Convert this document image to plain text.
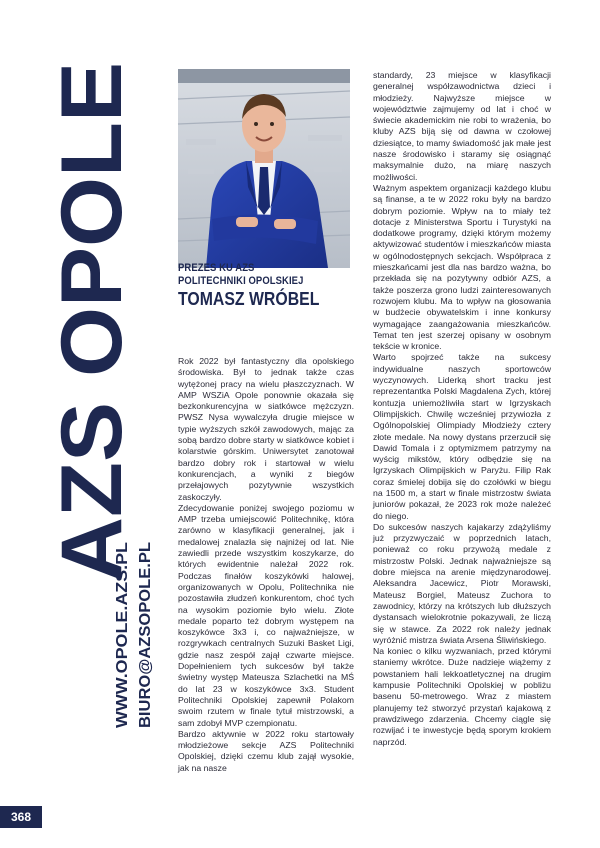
AZS OPOLE
WWW.OPOLE.AZS.PL BIURO@AZSOPOLE.PL
PREZES KU AZS
POLITECHNIKI OPOLSKIEJ
TOMASZ WRÓBEL

Rok 2022 był fantastyczny dla opolskiego środowiska. Był to jednak także czas wytężonej pracy na wielu płaszczyznach. W AMP WSZiA Opole ponownie okazała się bezkonkurencyjna w siatkówce mężczyzn. PWSZ Nysa wywalczyła drugie miejsce w typie wyższych szkół zawodowych, mając za sobą bardzo dobre starty w siatkówce kobiet i kolarstwie górskim. Uniwersytet zanotował bardzo dobry rok i startował w wielu konkurencjach, a wyniki z biegów przełajowych pozytywnie wszystkich zaskoczyły.

Zdecydowanie poniżej swojego poziomu w AMP trzeba umiejscowić Politechnikę, która zarówno w klasyfikacji generalnej, jak i medalowej znalazła się najniżej od lat. Nie zawiedli przede wszystkim koszykarze, do których ewidentnie należał 2022 rok. Podczas finałów koszykówki halowej, organizowanych w Opolu, Politechnika nie pozostawiła złudzeń konkurentom, choć tych na wysokim poziomie było wielu. Złote medale poparto też dobrym występem na koszykówce 3x3 i, co najważniejsze, w rozgrywkach centralnych Suzuki Basket Ligi, gdzie nasz zespół zajął czwarte miejsce. Dopełnieniem tych sukcesów był także świetny występ Mateusza Szlachetki na MŚ do lat 23 w koszykówce 3x3. Student Politechniki Opolskiej zapewnił Polakom swoim rzutem w finale tytuł mistrzowski, a sam zdobył MVP czempionatu.

Bardzo aktywnie w 2022 roku startowały młodzieżowe sekcje AZS Politechniki Opolskiej, dzięki czemu klub zajął wysokie, jak na nasze

standardy, 23 miejsce w klasyfikacji generalnej współzawodnictwa dzieci i młodzieży. Najwyższe miejsce w województwie zajmujemy od lat i choć w świecie akademickim nie robi to wrażenia, bo kluby AZS biją się od dawna w czołowej dziesiątce, to mamy świadomość jak małe jest nasze środowisko i staramy się osiągnąć maksymalnie dużo, na miarę naszych możliwości.

Ważnym aspektem organizacji każdego klubu są finanse, a te w 2022 roku były na bardzo dobrym poziomie. Wpływ na to miały też dotacje z Ministerstwa Sportu i Turystyki na dodatkowe programy, dzięki którym możemy aktywizować studentów i mieszkańców miasta w ogólnodostępnych sekcjach. Współpraca z mieszkańcami jest dla nas bardzo ważna, bo przekłada się na pozytywny odbiór AZS, a także poszerza grono ludzi zainteresowanych rozwojem klubu. Ma to wpływ na głosowania w budżecie obywatelskim i inne konkursy wymagające zaangażowania mieszkańców. Temat ten jest szerzej opisany w osobnym tekście w kronice.

Warto spojrzeć także na sukcesy indywidualne naszych sportowców wyczynowych. Liderką short tracku jest reprezentantka Polski Magdalena Zych, której kontuzja uniemożliwiła start w Igrzyskach Olimpijskich. Chwilę wcześniej przywiozła z Ogólnopolskiej Olimpiady Młodzieży cztery złote medale. Na nowy dystans przerzucił się Dawid Tomala i z optymizmem patrzymy na wyścig mikstów, który odbędzie się na Igrzyskach Olimpijskich w Paryżu. Filip Rak coraz śmielej dobija się do czołówki w biegu na 1500 m, a start w finale mistrzostw świata juniorów pokazał, że 2023 rok może należeć do niego.

Do sukcesów naszych kajakarzy zdążyliśmy już przyzwyczaić w poprzednich latach, ponieważ co roku przywożą medale z mistrzostw Polski. Jednak najważniejsze są dobre miejsca na arenie międzynarodowej. Aleksandra Jacewicz, Piotr Morawski, Mateusz Borgiel, Mateusz Zuchora to zawodnicy, którzy na krótszych lub dłuższych dystansach wielokrotnie pokazywali, że liczą się w stawce. Za 2022 rok należy jednak wyróżnić mistrza świata Arsena Śliwińskiego.

Na koniec o kilku wyzwaniach, przed którymi staniemy wkrótce. Duże nadzieje wiążemy z powstaniem hali lekkoatletycznej na drugim kampusie Politechniki Opolskiej w pobliżu basenu 50-metrowego. Wraz z miastem planujemy też stworzyć przystań kajakową z prawdziwego zdarzenia. Chcemy ciągle się rozwijać i te inwestycje będą sporym krokiem naprzód.

368
